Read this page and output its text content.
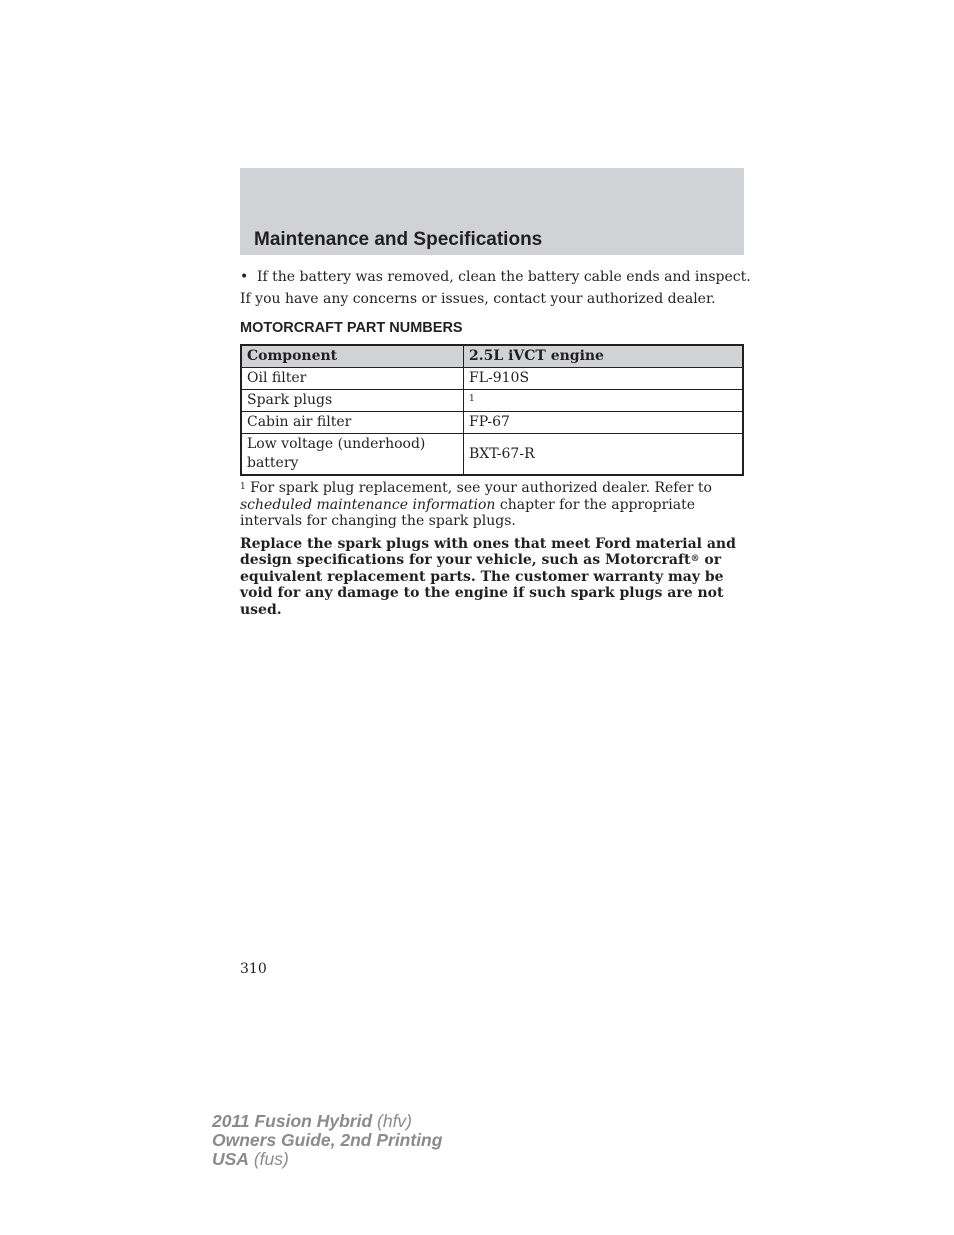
Maintenance and Specifications
• If the battery was removed, clean the battery cable ends and inspect.
If you have any concerns or issues, contact your authorized dealer.
MOTORCRAFT PART NUMBERS
Component	2.5L iVCT engine
Oil filter	FL-910S
Spark plugs	$^1$
Cabin air filter	FP-67
Low voltage (underhood) battery	BXT-67-R
$^1$ For spark plug replacement, see your authorized dealer. Refer to scheduled maintenance information chapter for the appropriate intervals for changing the spark plugs.
Replace the spark plugs with ones that meet Ford material and design specifications for your vehicle, such as Motorcraft® or equivalent replacement parts. The customer warranty may be void for any damage to the engine if such spark plugs are not used.
310
2011 Fusion Hybrid (hfv)
Owners Guide, 2nd Printing
USA (fus)
